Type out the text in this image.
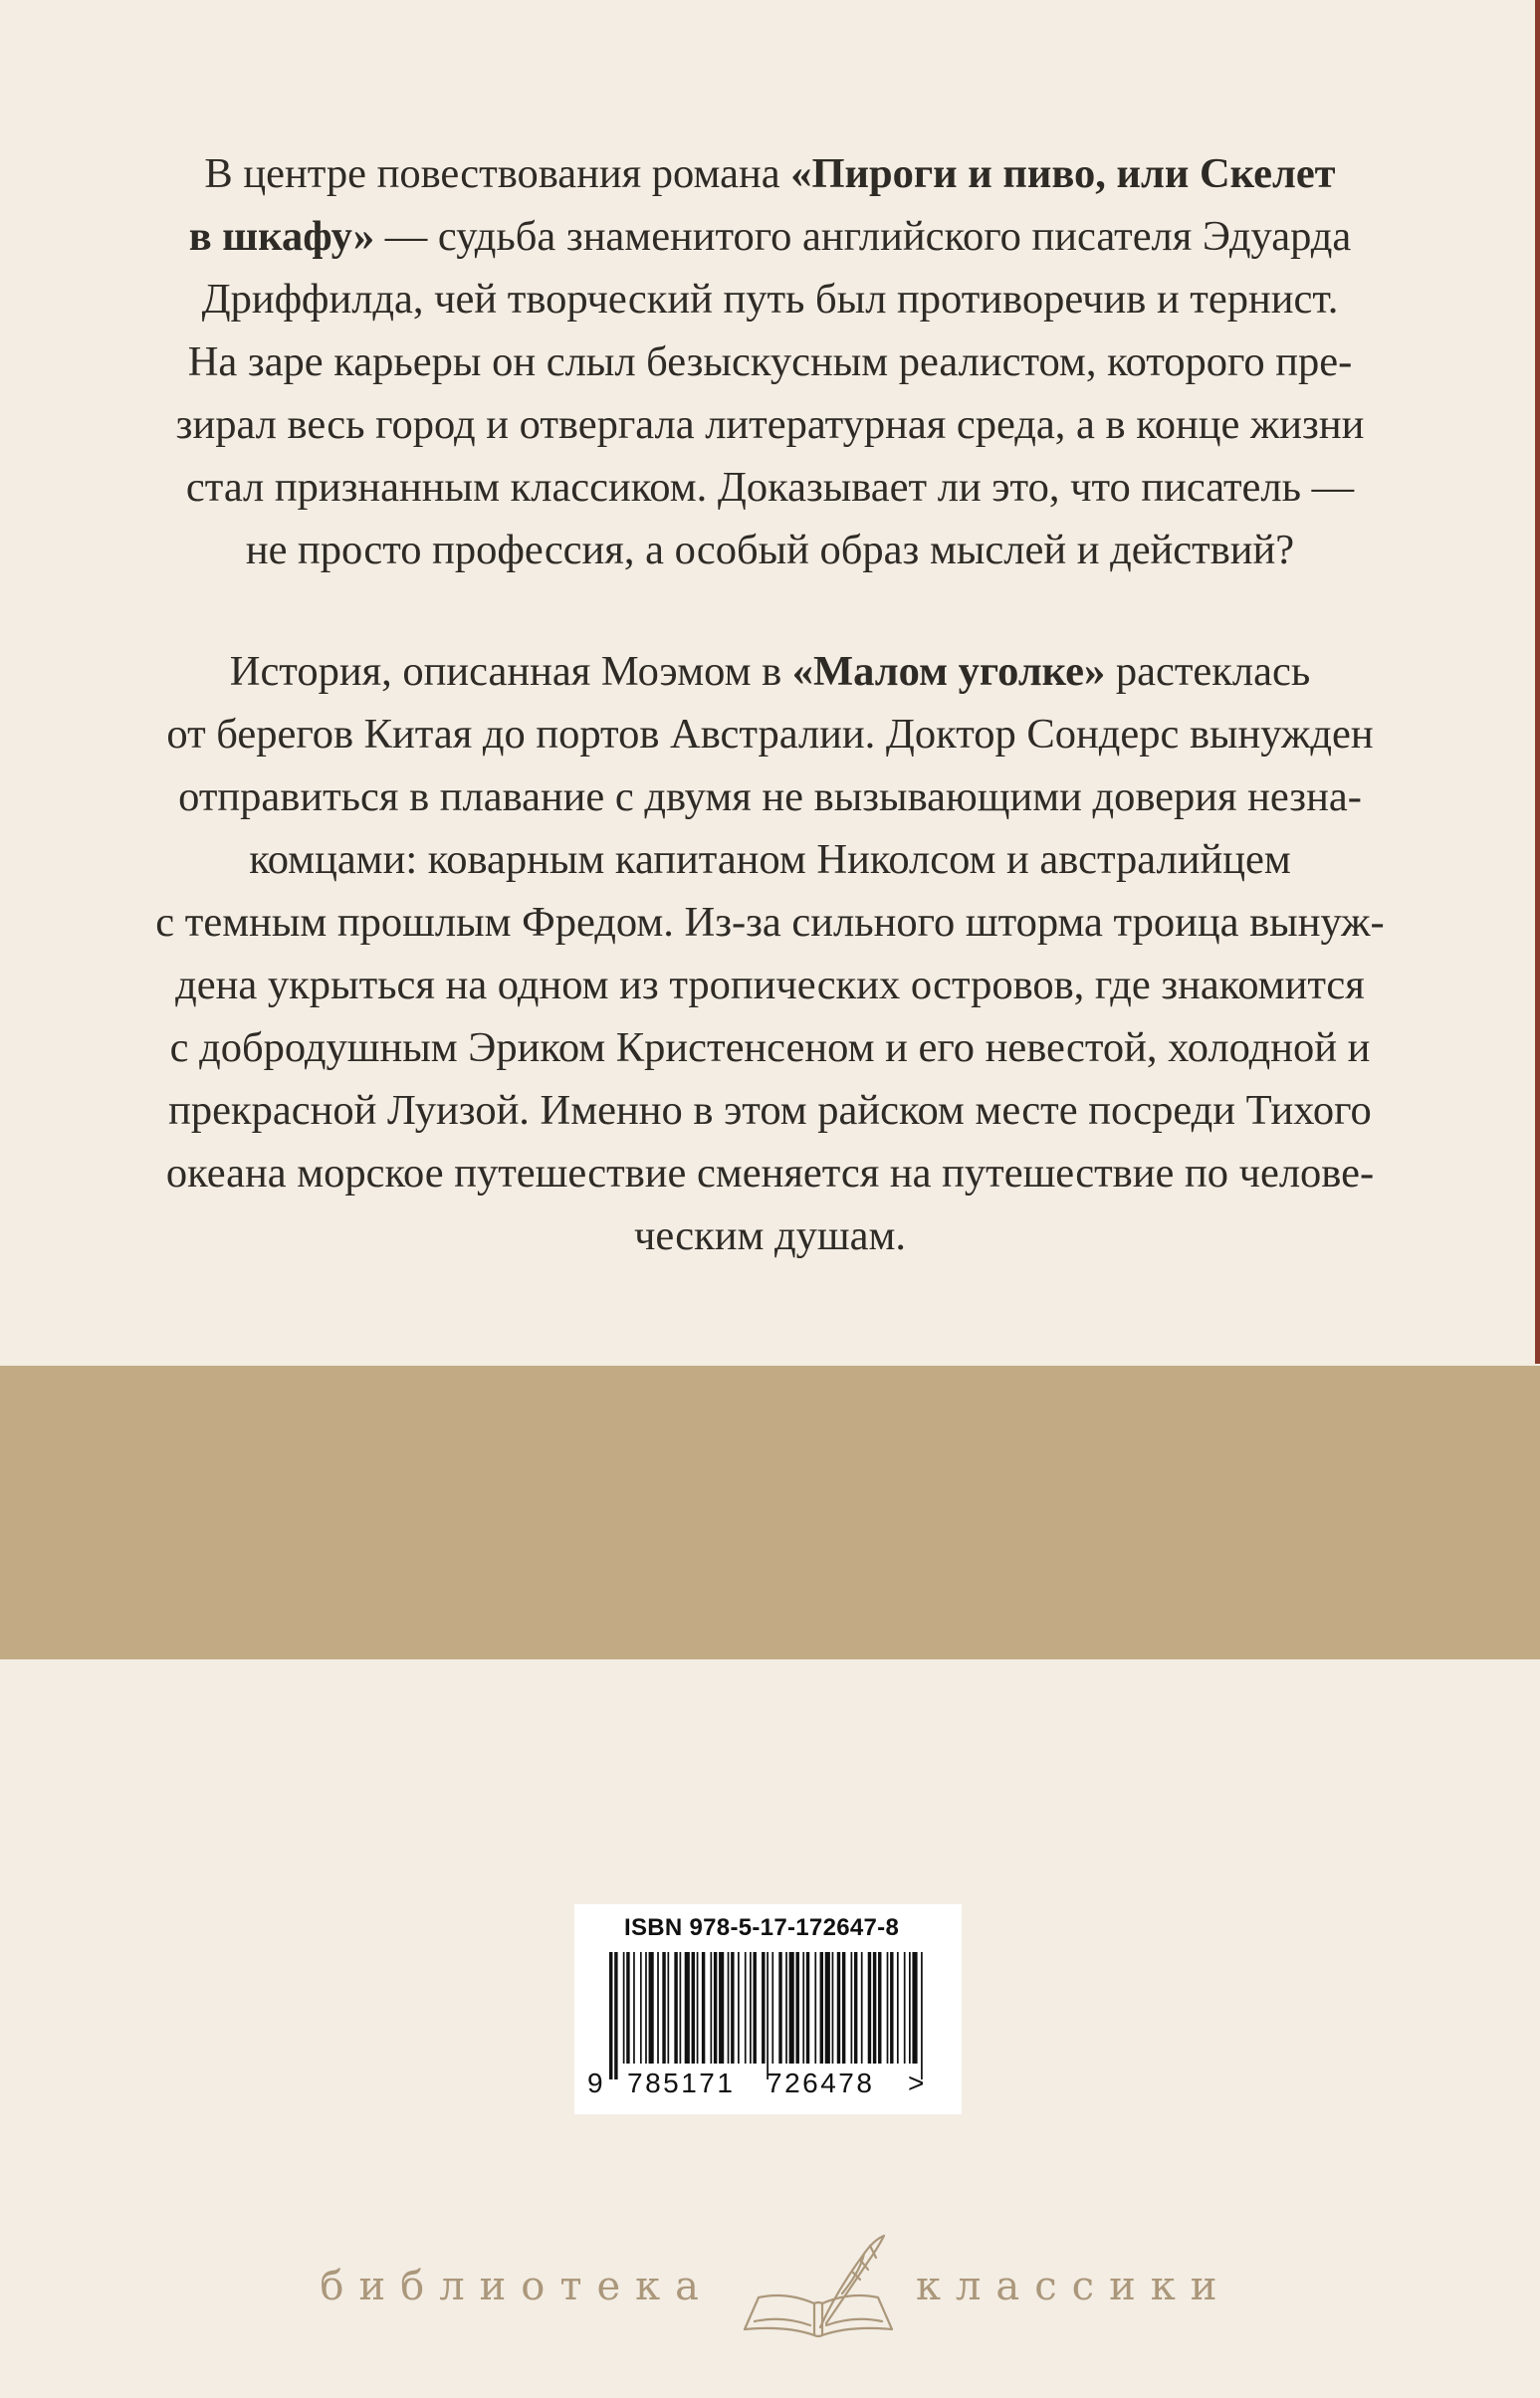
В центре повествования романа «Пироги и пиво, или Скелет
в шкафу» — судьба знаменитого английского писателя Эдуарда
Дриффилда, чей творческий путь был противоречив и тернист.
На заре карьеры он слыл безыскусным реалистом, которого пре-
зирал весь город и отвергала литературная среда, а в конце жизни
стал признанным классиком. Доказывает ли это, что писатель —
не просто профессия, а особый образ мыслей и действий?
История, описанная Моэмом в «Малом уголке» растеклась
от берегов Китая до портов Австралии. Доктор Сондерс вынужден
отправиться в плавание с двумя не вызывающими доверия незна-
комцами: коварным капитаном Николсом и австралийцем
с темным прошлым Фредом. Из-за сильного шторма троица вынуж-
дена укрыться на одном из тропических островов, где знакомится
с добродушным Эриком Кристенсеном и его невестой, холодной и
прекрасной Луизой. Именно в этом райском месте посреди Тихого
океана морское путешествие сменяется на путешествие по челове-
ческим душам.
ISBN 978-5-17-172647-8
9 785171 726478 >
библиотека	классики
